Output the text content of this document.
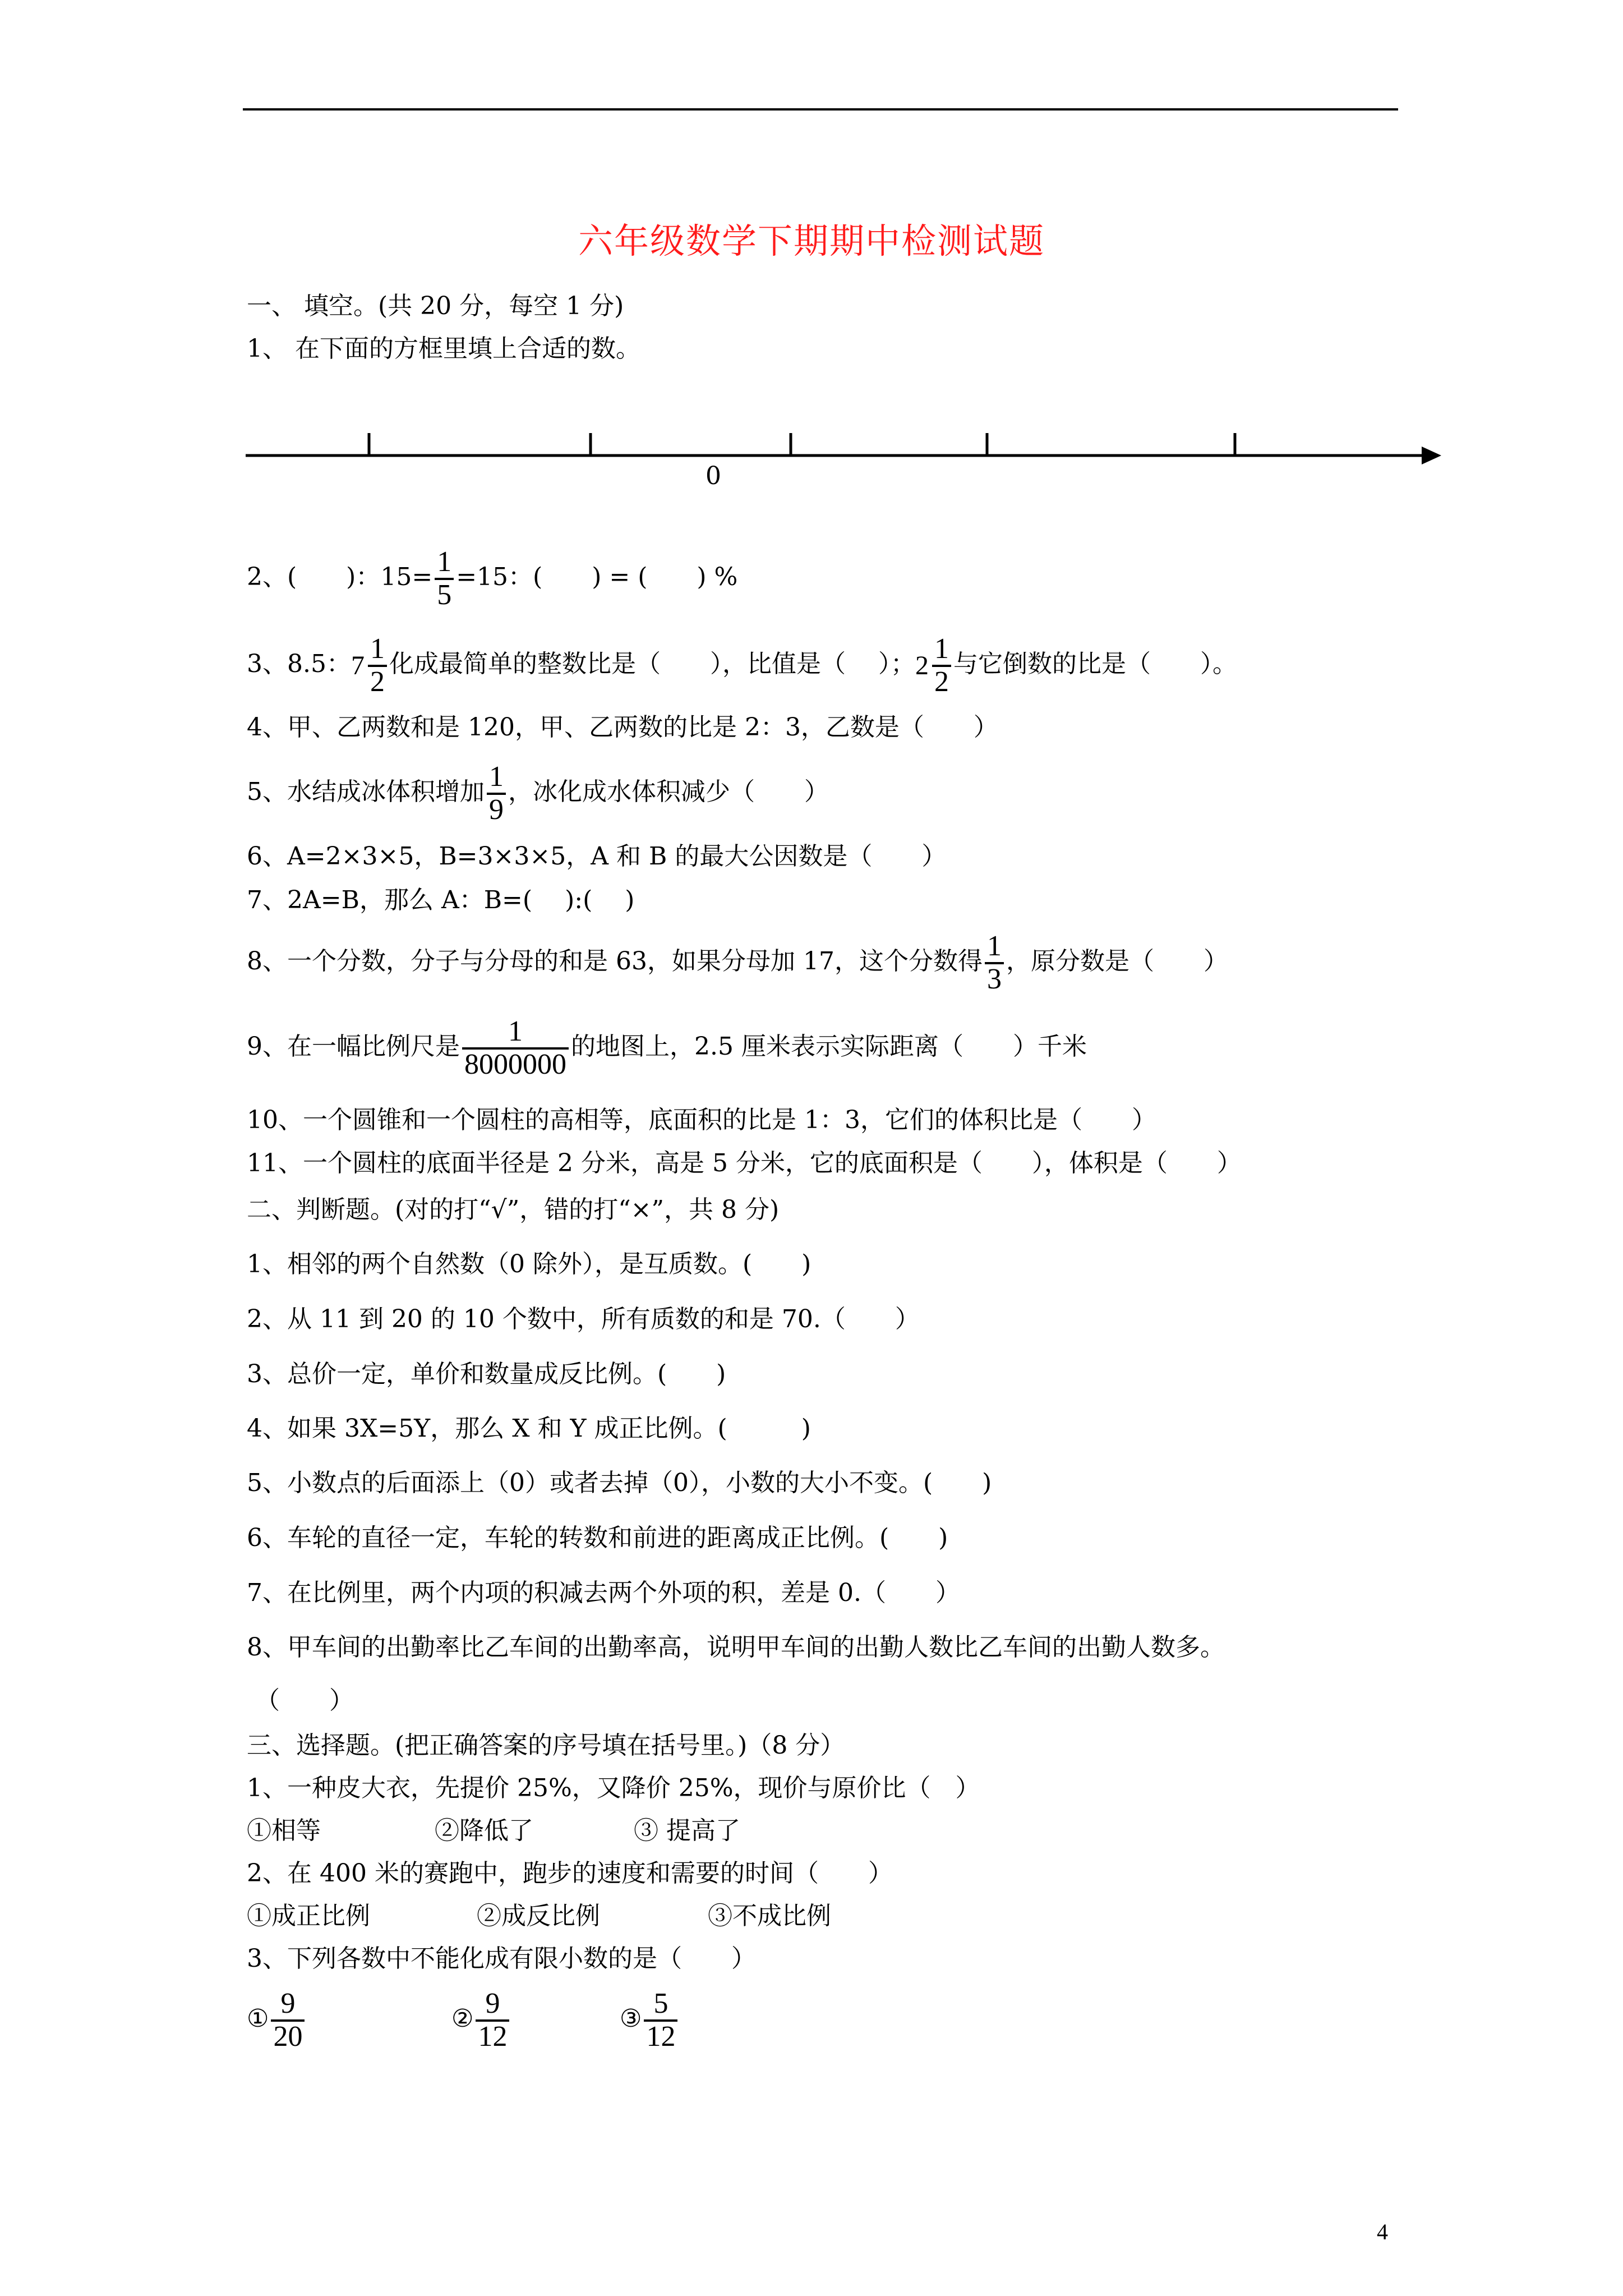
六年级数学下期期中检测试题
一、 填空。(共 20 分，每空 1 分)
1、 在下面的方框里填上合适的数。
0
2、(　　)：$15= \frac{1}{5} =15$：(　　) = (　　) %
3、8.5： $7 \frac{1}{2}$ 化成最简单的整数比是（　　），比值是（　 ）； $2 \frac{1}{2}$ 与它倒数的比是（　　）。
4、甲、乙两数和是 120，甲、乙两数的比是 2：3，乙数是（　　）
5、水结成冰体积增加 $\frac{1}{9}$ ，冰化成水体积减少（　　）
6、A=2×3×5，B=3×3×5，A 和 B 的最大公因数是（　　）
7、2A=B，那么 A：B=(　 ):(　 )
8、一个分数，分子与分母的和是 63，如果分母加 17，这个分数得 $\frac{1}{3}$ ，原分数是（　　）
9、在一幅比例尺是 $\frac{1}{8000000}$ 的地图上，2.5 厘米表示实际距离（　　）千米
10、一个圆锥和一个圆柱的高相等，底面积的比是 1：3，它们的体积比是（　　）
11、一个圆柱的底面半径是 2 分米，高是 5 分米，它的底面积是（　　），体积是（　　）
二、判断题。(对的打“√”，错的打“×”，共 8 分)
1、相邻的两个自然数（0 除外），是互质数。(　　)
2、从 11 到 20 的 10 个数中，所有质数的和是 70.（　　）
3、总价一定，单价和数量成反比例。(　　)
4、如果 3X=5Y，那么 X 和 Y 成正比例。(　　　)
5、小数点的后面添上（0）或者去掉（0），小数的大小不变。(　　)
6、车轮的直径一定，车轮的转数和前进的距离成正比例。(　　)
7、在比例里，两个内项的积减去两个外项的积，差是 0.（　　）
8、甲车间的出勤率比乙车间的出勤率高，说明甲车间的出勤人数比乙车间的出勤人数多。
（　　）
三、选择题。(把正确答案的序号填在括号里。)（8 分）
1、一种皮大衣，先提价 25%，又降价 25%，现价与原价比（　）
①相等	②降低了	③ 提高了
2、在 400 米的赛跑中，跑步的速度和需要的时间（　　）
①成正比例	②成反比例	③不成比例
3、下列各数中不能化成有限小数的是（　　）
① $\frac{9}{20}$	② $\frac{9}{12}$	③ $\frac{5}{12}$
4
